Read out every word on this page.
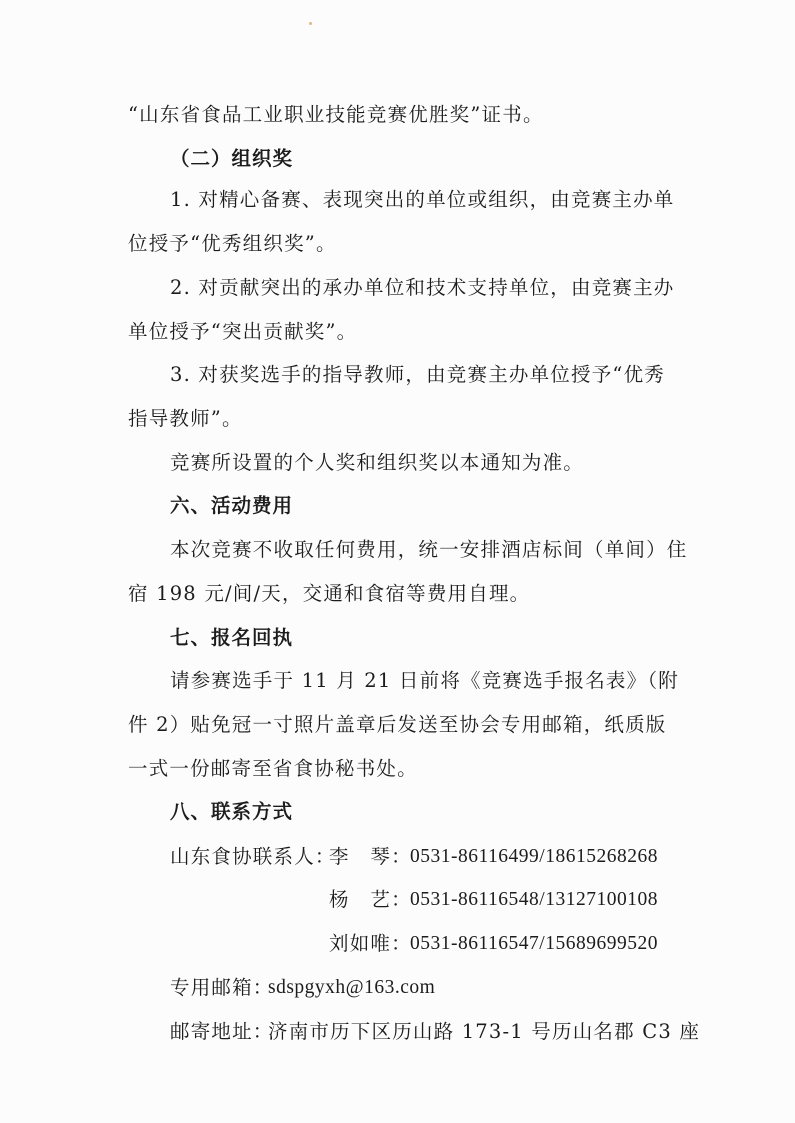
“山东省食品工业职业技能竞赛优胜奖”证书。
（二）组织奖
1. 对精心备赛、表现突出的单位或组织，由竞赛主办单
位授予“优秀组织奖”。
2. 对贡献突出的承办单位和技术支持单位，由竞赛主办
单位授予“突出贡献奖”。
3. 对获奖选手的指导教师，由竞赛主办单位授予“优秀
指导教师”。
竞赛所设置的个人奖和组织奖以本通知为准。
六、活动费用
本次竞赛不收取任何费用，统一安排酒店标间（单间）住
宿 198 元/间/天，交通和食宿等费用自理。
七、报名回执
请参赛选手于 11 月 21 日前将《竞赛选手报名表》（附
件 2）贴免冠一寸照片盖章后发送至协会专用邮箱，纸质版
一式一份邮寄至省食协秘书处。
八、联系方式
山东食协联系人：
李　琴：
0531-86116499/18615268268
杨　艺：
0531-86116548/13127100108
刘如唯：
0531-86116547/15689699520
专用邮箱：
sdspgyxh@163.com
邮寄地址：
济南市历下区历山路 173-1 号历山名郡 C3 座
